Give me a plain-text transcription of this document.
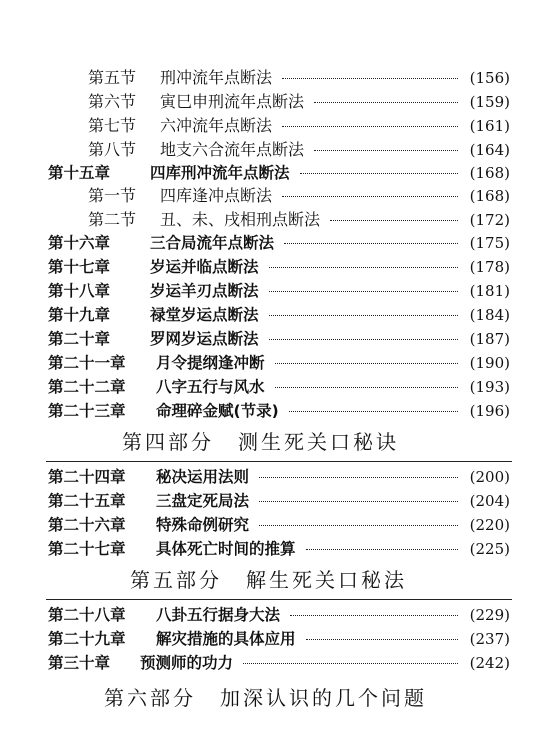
第五节	刑冲流年点断法	(156)
第六节	寅巳申刑流年点断法	(159)
第七节	六冲流年点断法	(161)
第八节	地支六合流年点断法	(164)
第十五章	四库刑冲流年点断法	(168)
第一节	四库逢冲点断法	(168)
第二节	丑、未、戌相刑点断法	(172)
第十六章	三合局流年点断法	(175)
第十七章	岁运并临点断法	(178)
第十八章	岁运羊刃点断法	(181)
第十九章	禄堂岁运点断法	(184)
第二十章	罗网岁运点断法	(187)
第二十一章	月令提纲逢冲断	(190)
第二十二章	八字五行与风水	(193)
第二十三章	命理碎金赋(节录)	(196)
第四部分 测生死关口秘诀
第二十四章	秘决运用法则	(200)
第二十五章	三盘定死局法	(204)
第二十六章	特殊命例研究	(220)
第二十七章	具体死亡时间的推算	(225)
第五部分 解生死关口秘法
第二十八章	八卦五行据身大法	(229)
第二十九章	解灾措施的具体应用	(237)
第三十章	预测师的功力	(242)
第六部分 加深认识的几个问题
